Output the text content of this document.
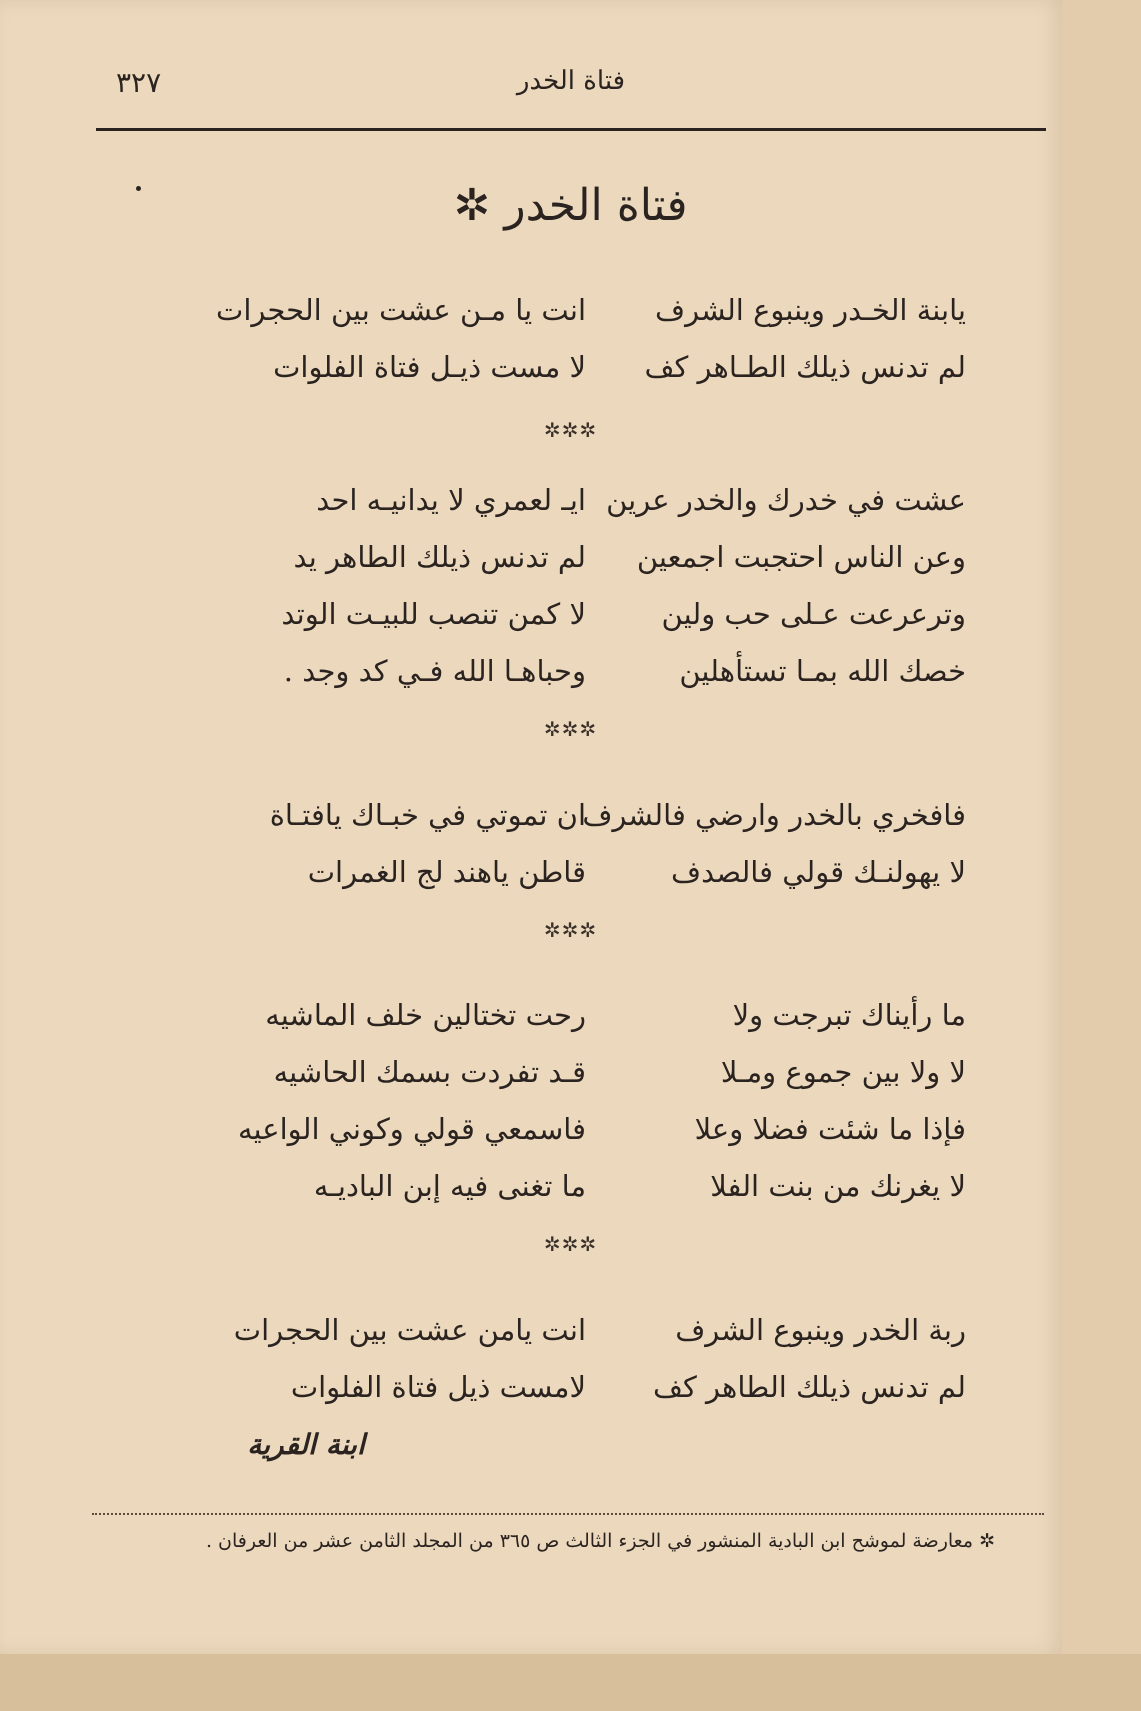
فتاة الخدر
٣٢٧
فتاة الخدر ✲
يابنة الخـدر وينبوع الشرف
انت يا مـن عشت بين الحجرات
لم تدنس ذيلك الطـاهر كف
لا مست ذيـل فتاة الفلوات
✲✲✲
عشت في خدرك والخدر عرين
ايـ لعمري لا يدانيـه احد
وعن الناس احتجبت اجمعين
لم تدنس ذيلك الطاهر يد
وترعرعت عـلى حب ولين
لا كمن تنصب للبيـت الوتد
خصك الله بمـا تستأهلين
وحباهـا الله فـي كد وجد .
✲✲✲
فافخري بالخدر وارضي فالشرف
ان تموتي في خبـاك يافتـاة
لا يهولنـك قولي فالصدف
قاطن ياهند لج الغمرات
✲✲✲
ما رأيناك تبرجت ولا
رحت تختالين خلف الماشيه
لا ولا بين جموع ومـلا
قـد تفردت بسمك الحاشيه
فإذا ما شئت فضلا وعلا
فاسمعي قولي وكوني الواعيه
لا يغرنك من بنت الفلا
ما تغنى فيه إبن الباديـه
✲✲✲
ربة الخدر وينبوع الشرف
انت يامن عشت بين الحجرات
لم تدنس ذيلك الطاهر كف
لامست ذيل فتاة الفلوات
ابنة القرية
✲ معارضة لموشح ابن البادية المنشور في الجزء الثالث ص ٣٦٥ من المجلد الثامن عشر من العرفان .
